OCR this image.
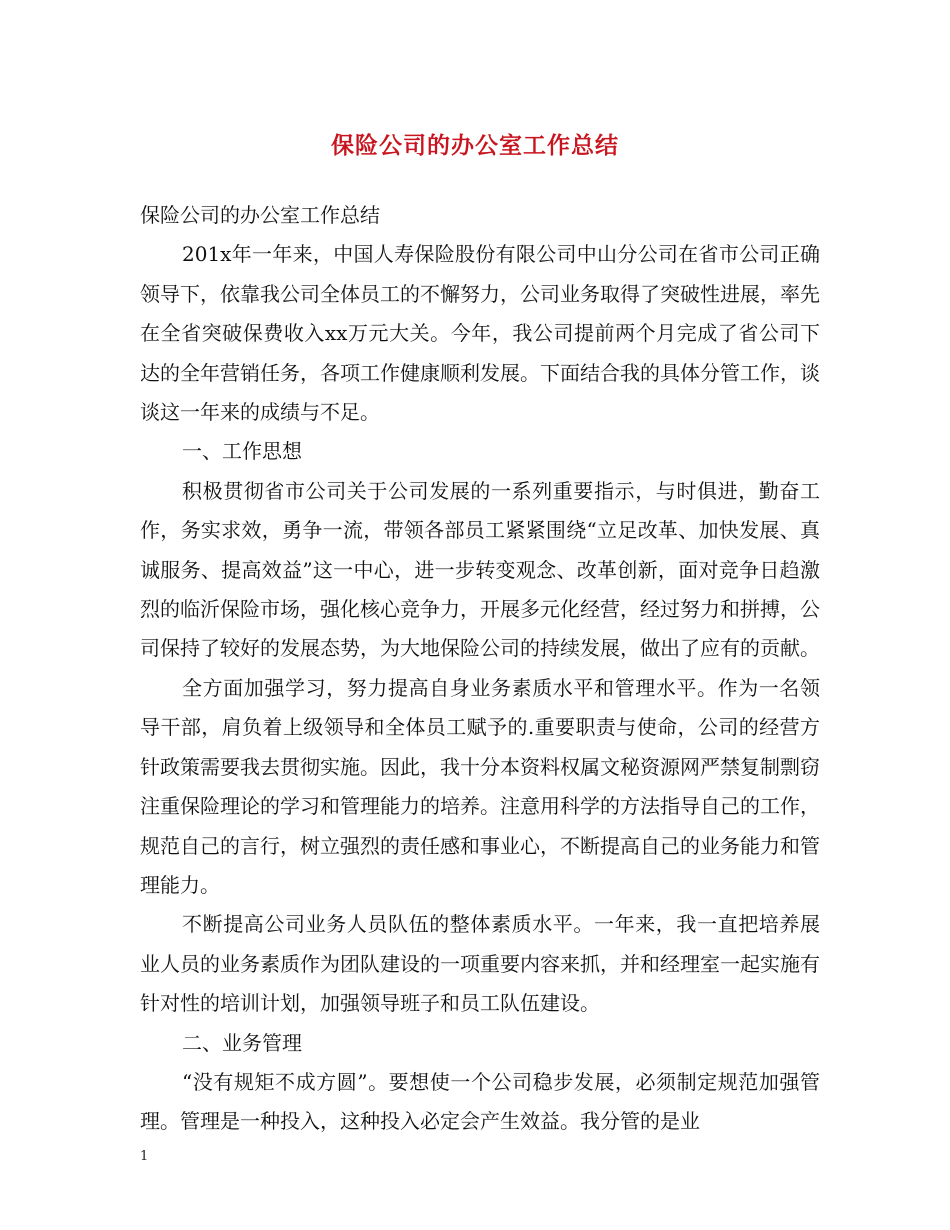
保险公司的办公室工作总结

保险公司的办公室工作总结

201x年一年来，中国人寿保险股份有限公司中山分公司在省市公司正确领导下，依靠我公司全体员工的不懈努力，公司业务取得了突破性进展，率先在全省突破保费收入xx万元大关。今年，我公司提前两个月完成了省公司下达的全年营销任务，各项工作健康顺利发展。下面结合我的具体分管工作，谈谈这一年来的成绩与不足。

一、工作思想

积极贯彻省市公司关于公司发展的一系列重要指示，与时俱进，勤奋工作，务实求效，勇争一流，带领各部员工紧紧围绕“立足改革、加快发展、真诚服务、提高效益”这一中心，进一步转变观念、改革创新，面对竞争日趋激烈的临沂保险市场，强化核心竞争力，开展多元化经营，经过努力和拼搏，公司保持了较好的发展态势，为大地保险公司的持续发展，做出了应有的贡献。

全方面加强学习，努力提高自身业务素质水平和管理水平。作为一名领导干部，肩负着上级领导和全体员工赋予的.重要职责与使命，公司的经营方针政策需要我去贯彻实施。因此，我十分本资料权属文秘资源网严禁复制剽窃注重保险理论的学习和管理能力的培养。注意用科学的方法指导自己的工作，规范自己的言行，树立强烈的责任感和事业心，不断提高自己的业务能力和管理能力。

不断提高公司业务人员队伍的整体素质水平。一年来，我一直把培养展业人员的业务素质作为团队建设的一项重要内容来抓，并和经理室一起实施有针对性的培训计划，加强领导班子和员工队伍建设。

二、业务管理

“没有规矩不成方圆”。要想使一个公司稳步发展，必须制定规范加强管理。管理是一种投入，这种投入必定会产生效益。我分管的是业

1
